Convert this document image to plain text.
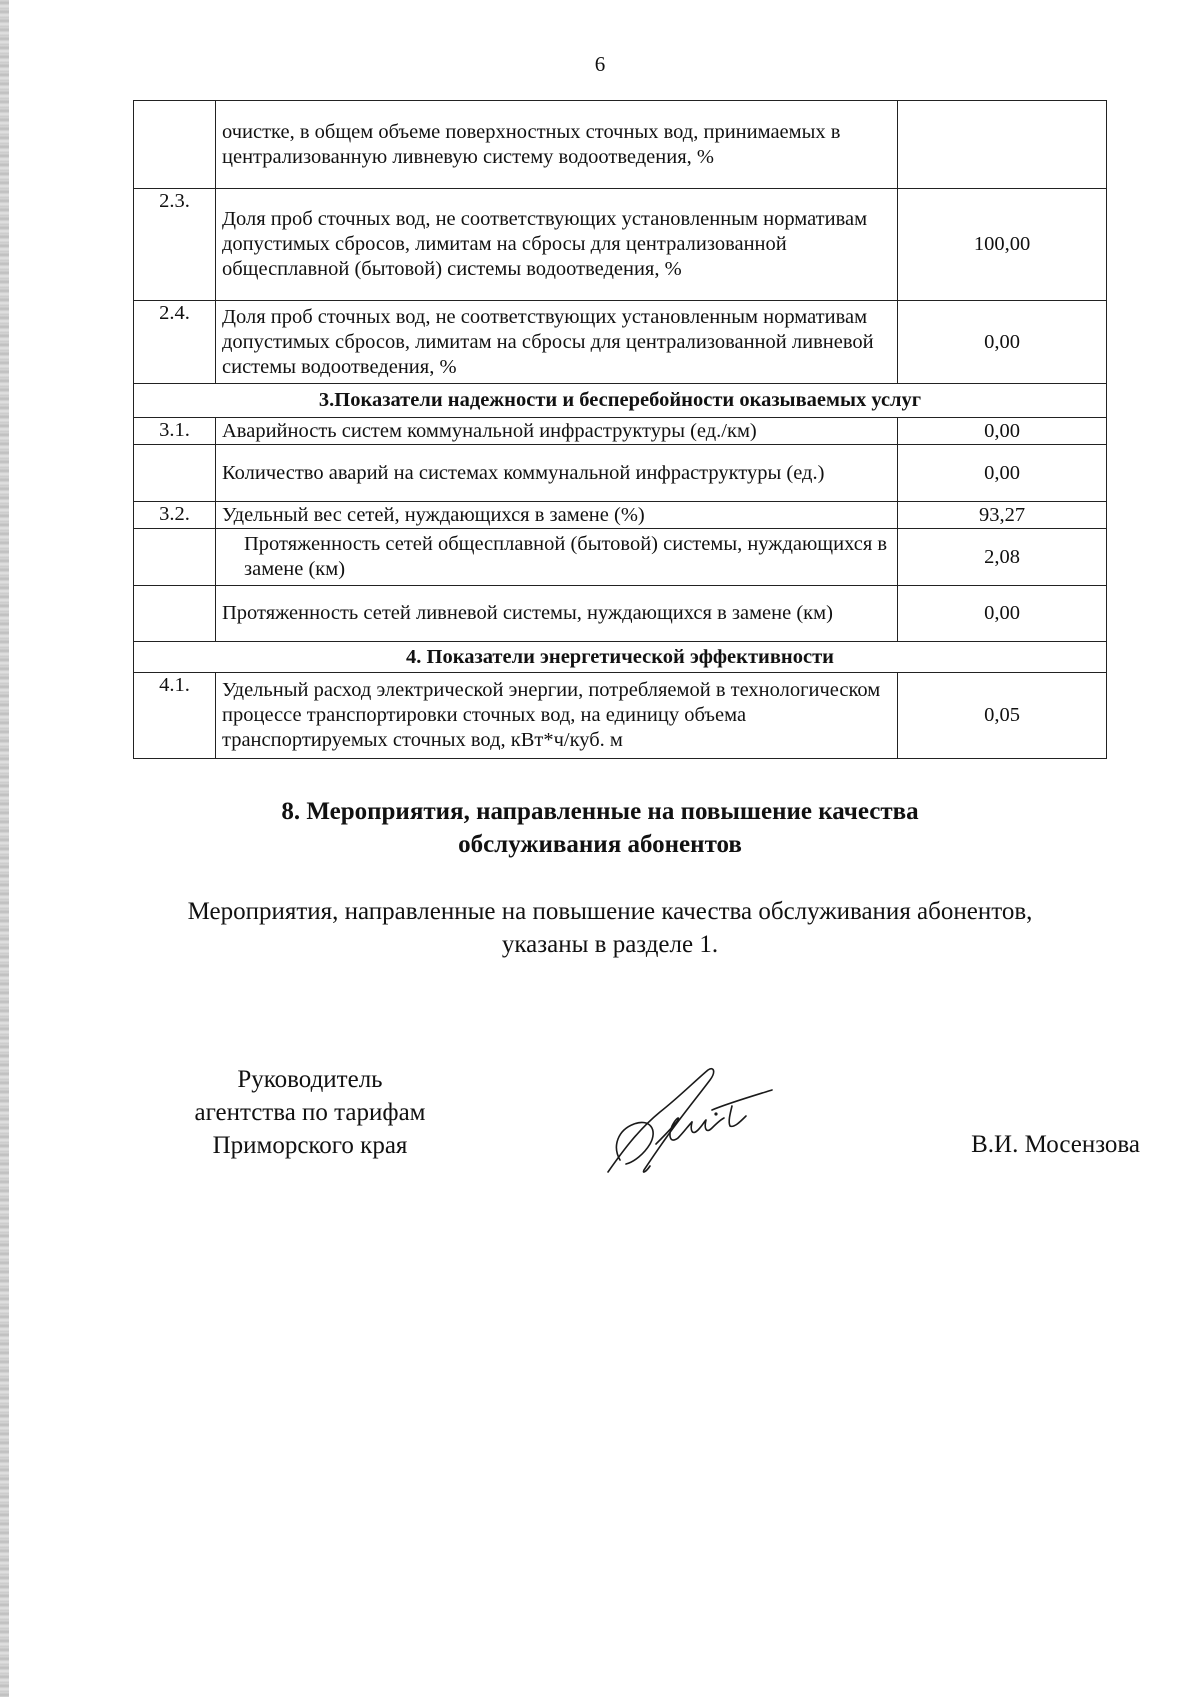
6
	очистке, в общем объеме поверхностных сточных вод, принимаемых в централизованную ливневую систему водоотведения, %	
2.3.	Доля проб сточных вод, не соответствующих установленным нормативам допустимых сбросов, лимитам на сбросы для централизованной общесплавной (бытовой) системы водоотведения, %	100,00
2.4.	Доля проб сточных вод, не соответствующих установленным нормативам допустимых сбросов, лимитам на сбросы для централизованной ливневой системы водоотведения, %	0,00
3.Показатели надежности и бесперебойности оказываемых услуг		
3.1.	Аварийность систем коммунальной инфраструктуры (ед./км)	0,00
	Количество аварий на системах коммунальной инфраструктуры (ед.)	0,00
3.2.	Удельный вес сетей, нуждающихся в замене (%)	93,27
	Протяженность сетей общесплавной (бытовой) системы, нуждающихся в замене (км)	2,08
	Протяженность сетей ливневой системы, нуждающихся в замене (км)	0,00
4. Показатели энергетической эффективности		
4.1.	Удельный расход электрической энергии, потребляемой в технологическом процессе транспортировки сточных вод, на единицу объема транспортируемых сточных вод, кВт*ч/куб. м	0,05
8. Мероприятия, направленные на повышение качества
обслуживания абонентов
Мероприятия, направленные на повышение качества обслуживания абонентов,
указаны в разделе 1.
Руководитель
агентства по тарифам
Приморского края	В.И. Мосензова
